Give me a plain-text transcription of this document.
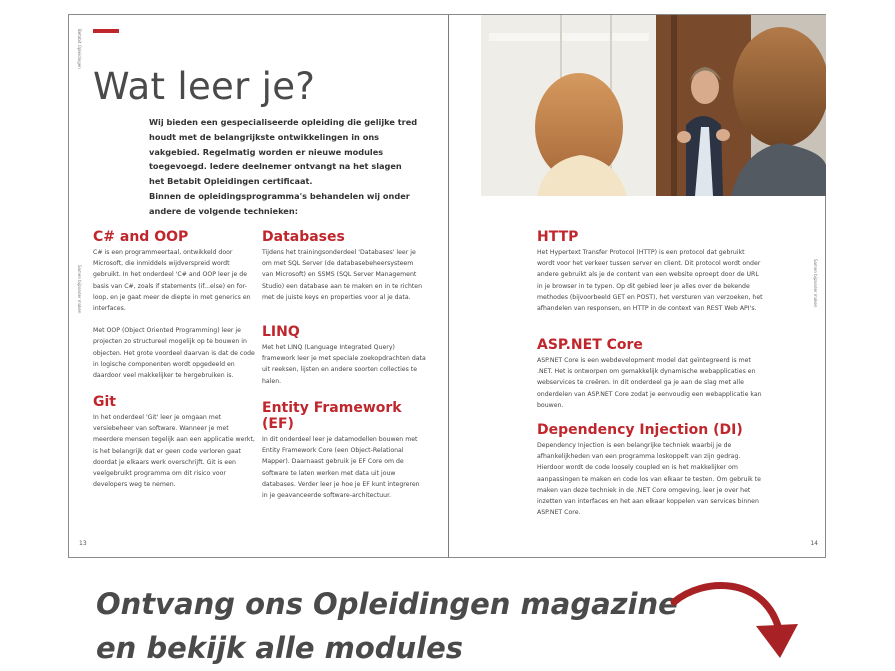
Betabit Opleidingen
Samen bijzonder maken
Wat leer je?

Wij bieden een gespecialiseerde opleiding die gelijke tred houdt met de belangrijkste ontwikkelingen in ons vakgebied. Regelmatig worden er nieuwe modules toegevoegd. Iedere deelnemer ontvangt na het slagen het Betabit Opleidingen certificaat.

Binnen de opleidingsprogramma's behandelen wij onder andere de volgende technieken:

C# and OOP

C# is een programmeertaal, ontwikkeld door Microsoft, die inmiddels wijdverspreid wordt gebruikt. In het onderdeel 'C# and OOP leer je de basis van C#, zoals if statements (if...else) en for-loop, en je gaat meer de diepte in met generics en interfaces.

Met OOP (Object Oriented Programming) leer je projecten zo structureel mogelijk op te bouwen in objecten. Het grote voordeel daarvan is dat de code in logische componenten wordt opgedeeld en daardoor veel makkelijker te hergebruiken is.

Git

In het onderdeel 'Git' leer je omgaan met versiebeheer van software. Wanneer je met meerdere mensen tegelijk aan een applicatie werkt, is het belangrijk dat er geen code verloren gaat doordat je elkaars werk overschrijft. Git is een veelgebruikt programma om dit risico voor developers weg te nemen.

Databases

Tijdens het trainingsonderdeel 'Databases' leer je om met SQL Server (de databasebeheersysteem van Microsoft) en SSMS (SQL Server Management Studio) een database aan te maken en in te richten met de juiste keys en properties voor al je data.

LINQ

Met het LINQ (Language Integrated Query) framework leer je met speciale zoekopdrachten data uit reeksen, lijsten en andere soorten collecties te halen.

Entity Framework (EF)

In dit onderdeel leer je datamodellen bouwen met Entity Framework Core (een Object-Relational Mapper). Daarnaast gebruik je EF Core om de software te laten werken met data uit jouw databases. Verder leer je hoe je EF kunt integreren in je geavanceerde software-architectuur.

13
Samen bijzonder maken
HTTP

Het Hypertext Transfer Protocol (HTTP) is een protocol dat gebruikt wordt voor het verkeer tussen server en client. Dit protocol wordt onder andere gebruikt als je de content van een website oproept door de URL in je browser in te typen. Op dit gebied leer je alles over de bekende methodes (bijvoorbeeld GET en POST), het versturen van verzoeken, het afhandelen van responsen, en HTTP in de context van REST Web API's.

ASP.NET Core

ASP.NET Core is een webdevelopment model dat geïntegreerd is met .NET. Het is ontworpen om gemakkelijk dynamische webapplicaties en webservices te creëren. In dit onderdeel ga je aan de slag met alle onderdelen van ASP.NET Core zodat je eenvoudig een webapplicatie kan bouwen.

Dependency Injection (DI)

Dependency Injection is een belangrijke techniek waarbij je de afhankelijkheden van een programma loskoppelt van zijn gedrag. Hierdoor wordt de code loosely coupled en is het makkelijker om aanpassingen te maken en code los van elkaar te testen. Om gebruik te maken van deze techniek in de .NET Core omgeving, leer je over het inzetten van interfaces en het aan elkaar koppelen van services binnen ASP.NET Core.

14
Ontvang ons Opleidingen magazine
en bekijk alle modules
